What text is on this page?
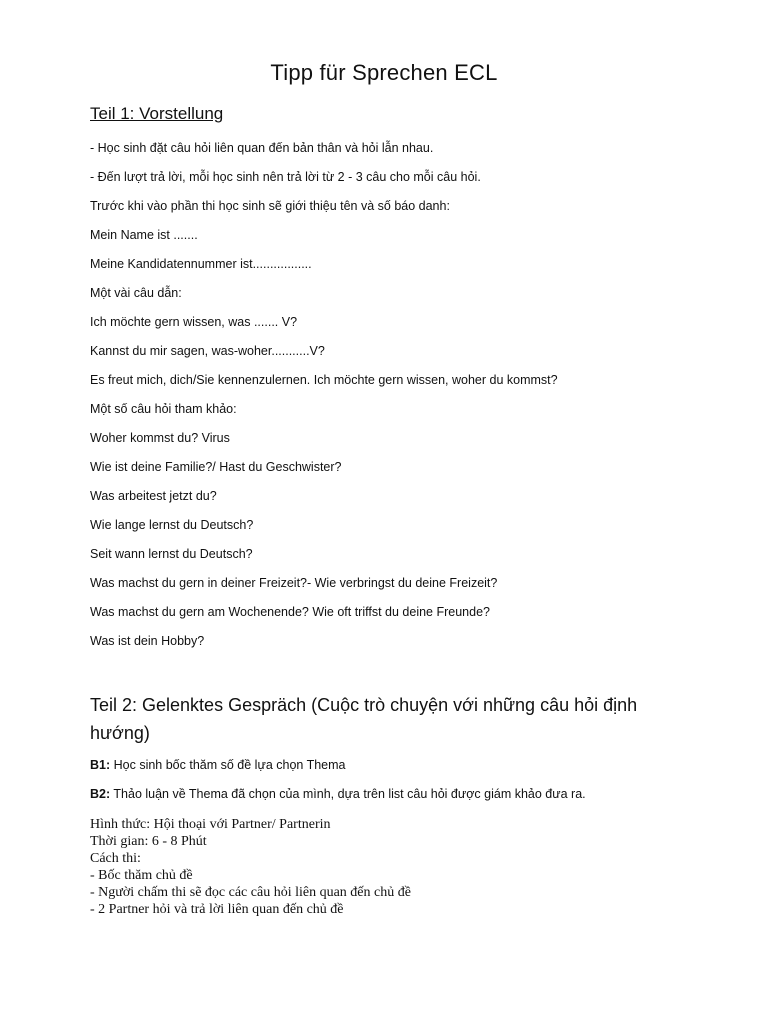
Tipp für Sprechen ECL
Teil 1: Vorstellung
- Học sinh đặt câu hỏi liên quan đến bản thân và hỏi lẫn nhau.
- Đến lượt trả lời, mỗi học sinh nên trả lời từ 2 - 3 câu cho mỗi câu hỏi.
Trước khi vào phần thi học sinh sẽ giới thiệu tên và số báo danh:
Mein Name ist .......
Meine Kandidatennummer ist.................
Một vài câu dẫn:
Ich möchte gern wissen, was ....... V?
Kannst du mir sagen, was-woher...........V?
Es freut mich, dich/Sie kennenzulernen. Ich möchte gern wissen, woher du kommst?
Một số câu hỏi tham khảo:
Woher kommst du? Virus
Wie ist deine Familie?/ Hast du Geschwister?
Was arbeitest jetzt du?
Wie lange lernst du Deutsch?
Seit wann lernst du Deutsch?
Was machst du gern in deiner Freizeit?- Wie verbringst du deine Freizeit?
Was machst du gern am Wochenende? Wie oft triffst du deine Freunde?
Was ist dein Hobby?
Teil 2: Gelenktes Gespräch (Cuộc trò chuyện với những câu hỏi định hướng)
B1: Học sinh bốc thăm số đề lựa chọn Thema
B2: Thảo luận về Thema đã chọn của mình, dựa trên list câu hỏi được giám khảo đưa ra.
Hình thức: Hội thoại với Partner/ Partnerin
Thời gian: 6 - 8 Phút
Cách thi:
- Bốc thăm chủ đề
- Người chấm thi sẽ đọc các câu hỏi liên quan đến chủ đề
- 2 Partner hỏi và trả lời liên quan đến chủ đề
